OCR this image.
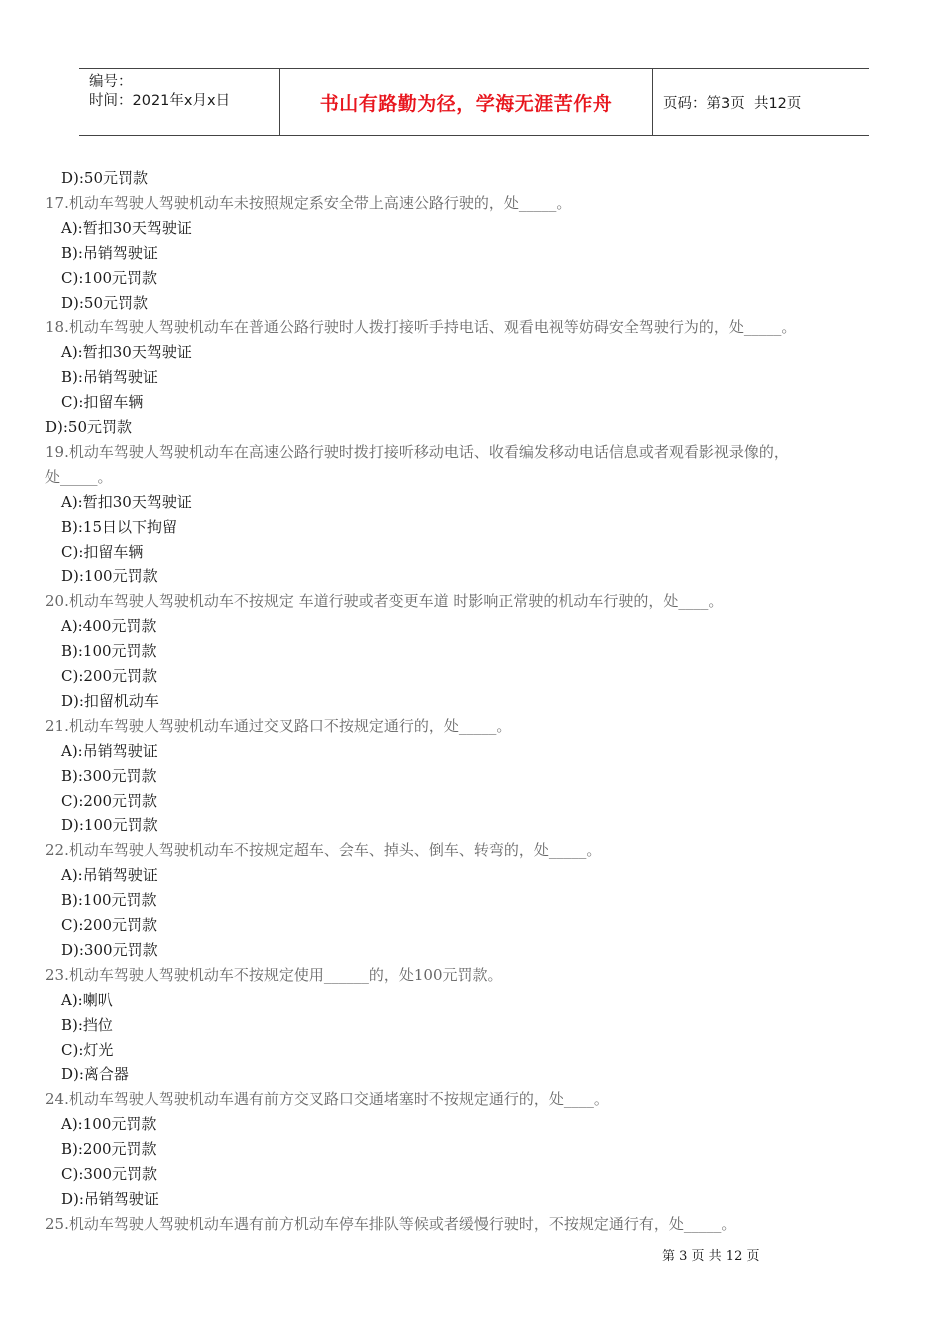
编号：
时间：2021年x月x日	书山有路勤为径，学海无涯苦作舟	页码：第3页  共12页
D):50元罚款
17.机动车驾驶人驾驶机动车未按照规定系安全带上高速公路行驶的，处_____。
A):暂扣30天驾驶证
B):吊销驾驶证
C):100元罚款
D):50元罚款
18.机动车驾驶人驾驶机动车在普通公路行驶时人拨打接听手持电话、观看电视等妨碍安全驾驶行为的，处_____。
A):暂扣30天驾驶证
B):吊销驾驶证
C):扣留车辆
D):50元罚款
19.机动车驾驶人驾驶机动车在高速公路行驶时拨打接听移动电话、收看编发移动电话信息或者观看影视录像的，
处_____。
A):暂扣30天驾驶证
B):15日以下拘留
C):扣留车辆
D):100元罚款
20.机动车驾驶人驾驶机动车不按规定 车道行驶或者变更车道 时影响正常驶的机动车行驶的，处____。
A):400元罚款
B):100元罚款
C):200元罚款
D):扣留机动车
21.机动车驾驶人驾驶机动车通过交叉路口不按规定通行的，处_____。
A):吊销驾驶证
B):300元罚款
C):200元罚款
D):100元罚款
22.机动车驾驶人驾驶机动车不按规定超车、会车、掉头、倒车、转弯的，处_____。
A):吊销驾驶证
B):100元罚款
C):200元罚款
D):300元罚款
23.机动车驾驶人驾驶机动车不按规定使用______的，处100元罚款。
A):喇叭
B):挡位
C):灯光
D):离合器
24.机动车驾驶人驾驶机动车遇有前方交叉路口交通堵塞时不按规定通行的，处____。
A):100元罚款
B):200元罚款
C):300元罚款
D):吊销驾驶证
25.机动车驾驶人驾驶机动车遇有前方机动车停车排队等候或者缓慢行驶时，不按规定通行有，处_____。
第 3 页 共 12 页
